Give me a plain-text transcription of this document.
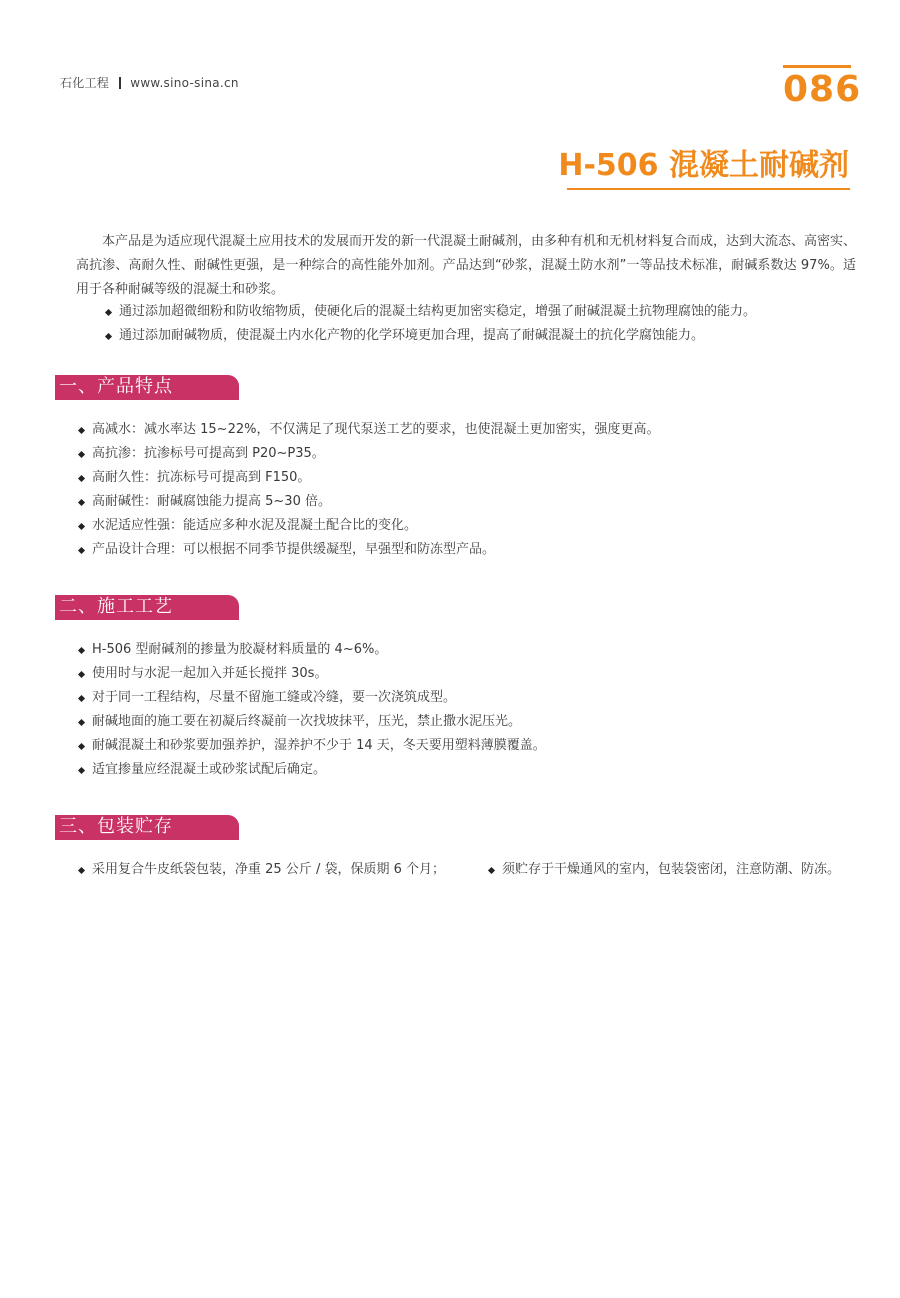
石化工程 www.sino-sina.cn	086
H-506 混凝土耐碱剂
本产品是为适应现代混凝土应用技术的发展而开发的新一代混凝土耐碱剂，由多种有机和无机材料复合而成，达到大流态、高密实、高抗渗、高耐久性、耐碱性更强，是一种综合的高性能外加剂。产品达到“砂浆，混凝土防水剂”一等品技术标准，耐碱系数达 97%。适用于各种耐碱等级的混凝土和砂浆。
通过添加超微细粉和防收缩物质，使硬化后的混凝土结构更加密实稳定，增强了耐碱混凝土抗物理腐蚀的能力。
通过添加耐碱物质，使混凝土内水化产物的化学环境更加合理，提高了耐碱混凝土的抗化学腐蚀能力。
一、产品特点
高减水：减水率达 15~22%，不仅满足了现代泵送工艺的要求，也使混凝土更加密实，强度更高。
高抗渗：抗渗标号可提高到 P20~P35。
高耐久性：抗冻标号可提高到 F150。
高耐碱性：耐碱腐蚀能力提高 5~30 倍。
水泥适应性强：能适应多种水泥及混凝土配合比的变化。
产品设计合理：可以根据不同季节提供缓凝型，早强型和防冻型产品。
二、施工工艺
H-506 型耐碱剂的掺量为胶凝材料质量的 4~6%。
使用时与水泥一起加入并延长搅拌 30s。
对于同一工程结构，尽量不留施工缝或冷缝，要一次浇筑成型。
耐碱地面的施工要在初凝后终凝前一次找坡抹平，压光，禁止撒水泥压光。
耐碱混凝土和砂浆要加强养护，湿养护不少于 14 天，冬天要用塑料薄膜覆盖。
适宜掺量应经混凝土或砂浆试配后确定。
三、包装贮存
采用复合牛皮纸袋包装，净重 25 公斤 / 袋，保质期 6 个月；	须贮存于干燥通风的室内，包装袋密闭，注意防潮、防冻。
